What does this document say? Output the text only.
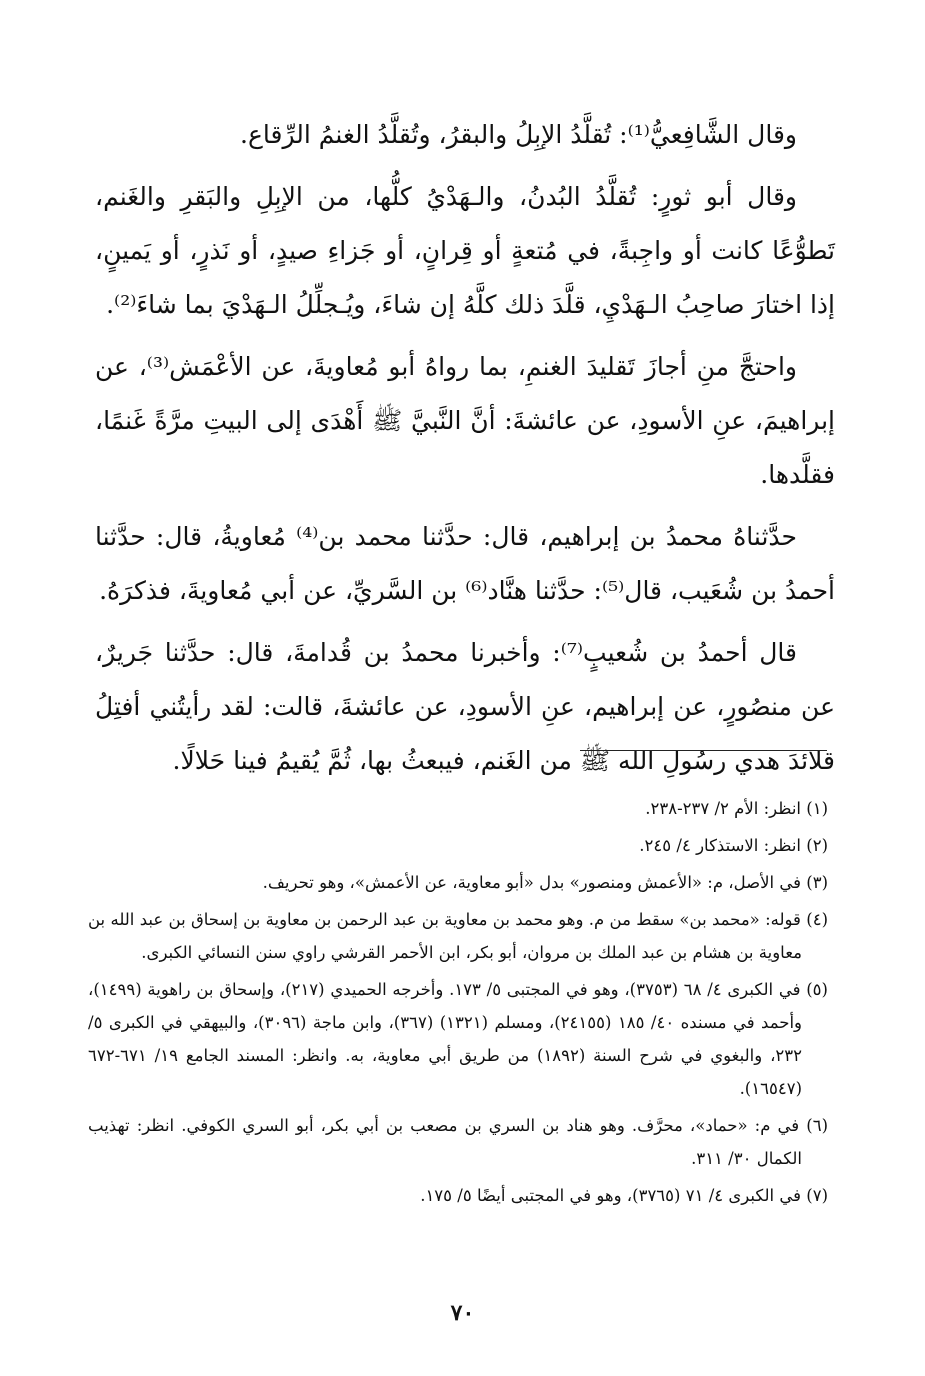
وقال الشَّافِعيُّ⁽¹⁾: تُقلَّدُ الإبِلُ والبقرُ، وتُقلَّدُ الغنمُ الرِّقاع.

وقال أبو ثورٍ: تُقلَّدُ البُدنُ، والـهَدْيُ كلُّها، من الإبِلِ والبَقرِ والغَنم، تَطوُّعًا كانت أو واجِبةً، في مُتعةٍ أو قِرانٍ، أو جَزاءِ صيدٍ، أو نَذرٍ، أو يَمينٍ، إذا اختارَ صاحِبُ الـهَدْيِ، قلَّدَ ذلك كلَّهُ إن شاءَ، ويُـجلِّلُ الـهَدْيَ بما شاءَ⁽²⁾.

واحتجَّ منِ أجازَ تَقليدَ الغنمِ، بما رواهُ أبو مُعاويةَ، عن الأعْمَش⁽³⁾، عن إبراهيمَ، عنِ الأسودِ، عن عائشةَ: أنَّ النَّبيَّ ﷺ أَهْدَى إلى البيتِ مرَّةً غَنمًا، فقلَّدها.

حدَّثناهُ محمدُ بن إبراهيم، قال: حدَّثنا محمد بن⁽⁴⁾ مُعاويةُ، قال: حدَّثنا أحمدُ بن شُعَيب، قال⁽⁵⁾: حدَّثنا هنَّاد⁽⁶⁾ بن السَّريِّ، عن أبي مُعاويةَ، فذكرَهُ.

قال أحمدُ بن شُعيبٍ⁽⁷⁾: وأخبرنا محمدُ بن قُدامةَ، قال: حدَّثنا جَريرٌ، عن منصُورٍ، عن إبراهيم، عنِ الأسودِ، عن عائشةَ، قالت: لقد رأيتُني أفتِلُ قلائدَ هدي رسُولِ الله ﷺ من الغَنم، فيبعثُ بها، ثُمَّ يُقيمُ فينا حَلالًا.

(١) انظر: الأم ٢/ ٢٣٧-٢٣٨.
(٢) انظر: الاستذكار ٤/ ٢٤٥.
(٣) في الأصل، م: «الأعمش ومنصور» بدل «أبو معاوية، عن الأعمش»، وهو تحريف.
(٤) قوله: «محمد بن» سقط من م. وهو محمد بن معاوية بن عبد الرحمن بن معاوية بن إسحاق بن عبد الله بن معاوية بن هشام بن عبد الملك بن مروان، أبو بكر، ابن الأحمر القرشي راوي سنن النسائي الكبرى.
(٥) في الكبرى ٤/ ٦٨ (٣٧٥٣)، وهو في المجتبى ٥/ ١٧٣. وأخرجه الحميدي (٢١٧)، وإسحاق بن راهوية (١٤٩٩)، وأحمد في مسنده ٤٠/ ١٨٥ (٢٤١٥٥)، ومسلم (١٣٢١) (٣٦٧)، وابن ماجة (٣٠٩٦)، والبيهقي في الكبرى ٥/ ٢٣٢، والبغوي في شرح السنة (١٨٩٢) من طريق أبي معاوية، به. وانظر: المسند الجامع ١٩/ ٦٧١-٦٧٢ (١٦٥٤٧).
(٦) في م: «حماد»، محرَّف. وهو هناد بن السري بن مصعب بن أبي بكر، أبو السري الكوفي. انظر: تهذيب الكمال ٣٠/ ٣١١.
(٧) في الكبرى ٤/ ٧١ (٣٧٦٥)، وهو في المجتبى أيضًا ٥/ ١٧٥.
٧٠
